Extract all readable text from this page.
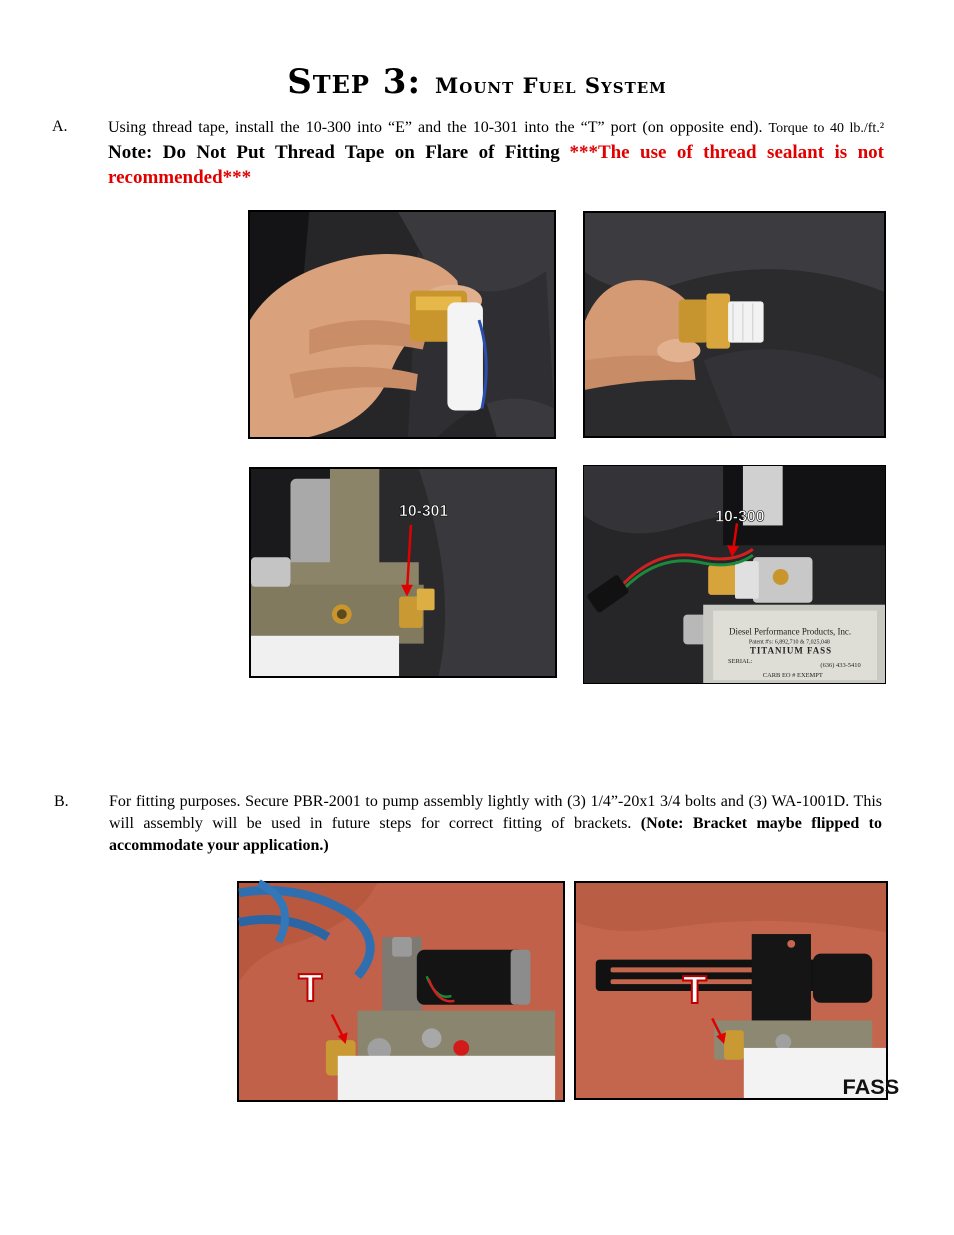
Step 3: Mount Fuel System
A.	Using thread tape, install the 10-300 into “E” and the 10-301 into the “T” port (on opposite end). Torque to 40 lb./ft.² Note: Do Not Put Thread Tape on Flare of Fitting ***The use of thread sealant is not recommended***
10-301
Diesel Performance Products, Inc.
Patent #'s: 6,892,710 & 7,025,048
TITANIUM FASS
SERIAL:
(636) 433-5410
CARB EO # EXEMPT
10-300
B.	For fitting purposes. Secure PBR-2001 to pump assembly lightly with (3) 1/4”-20x1 3/4 bolts and (3) WA-1001D. This will assembly will be used in future steps for correct fitting of brackets. (Note: Bracket maybe flipped to accommodate your application.)
T
FASS
T
